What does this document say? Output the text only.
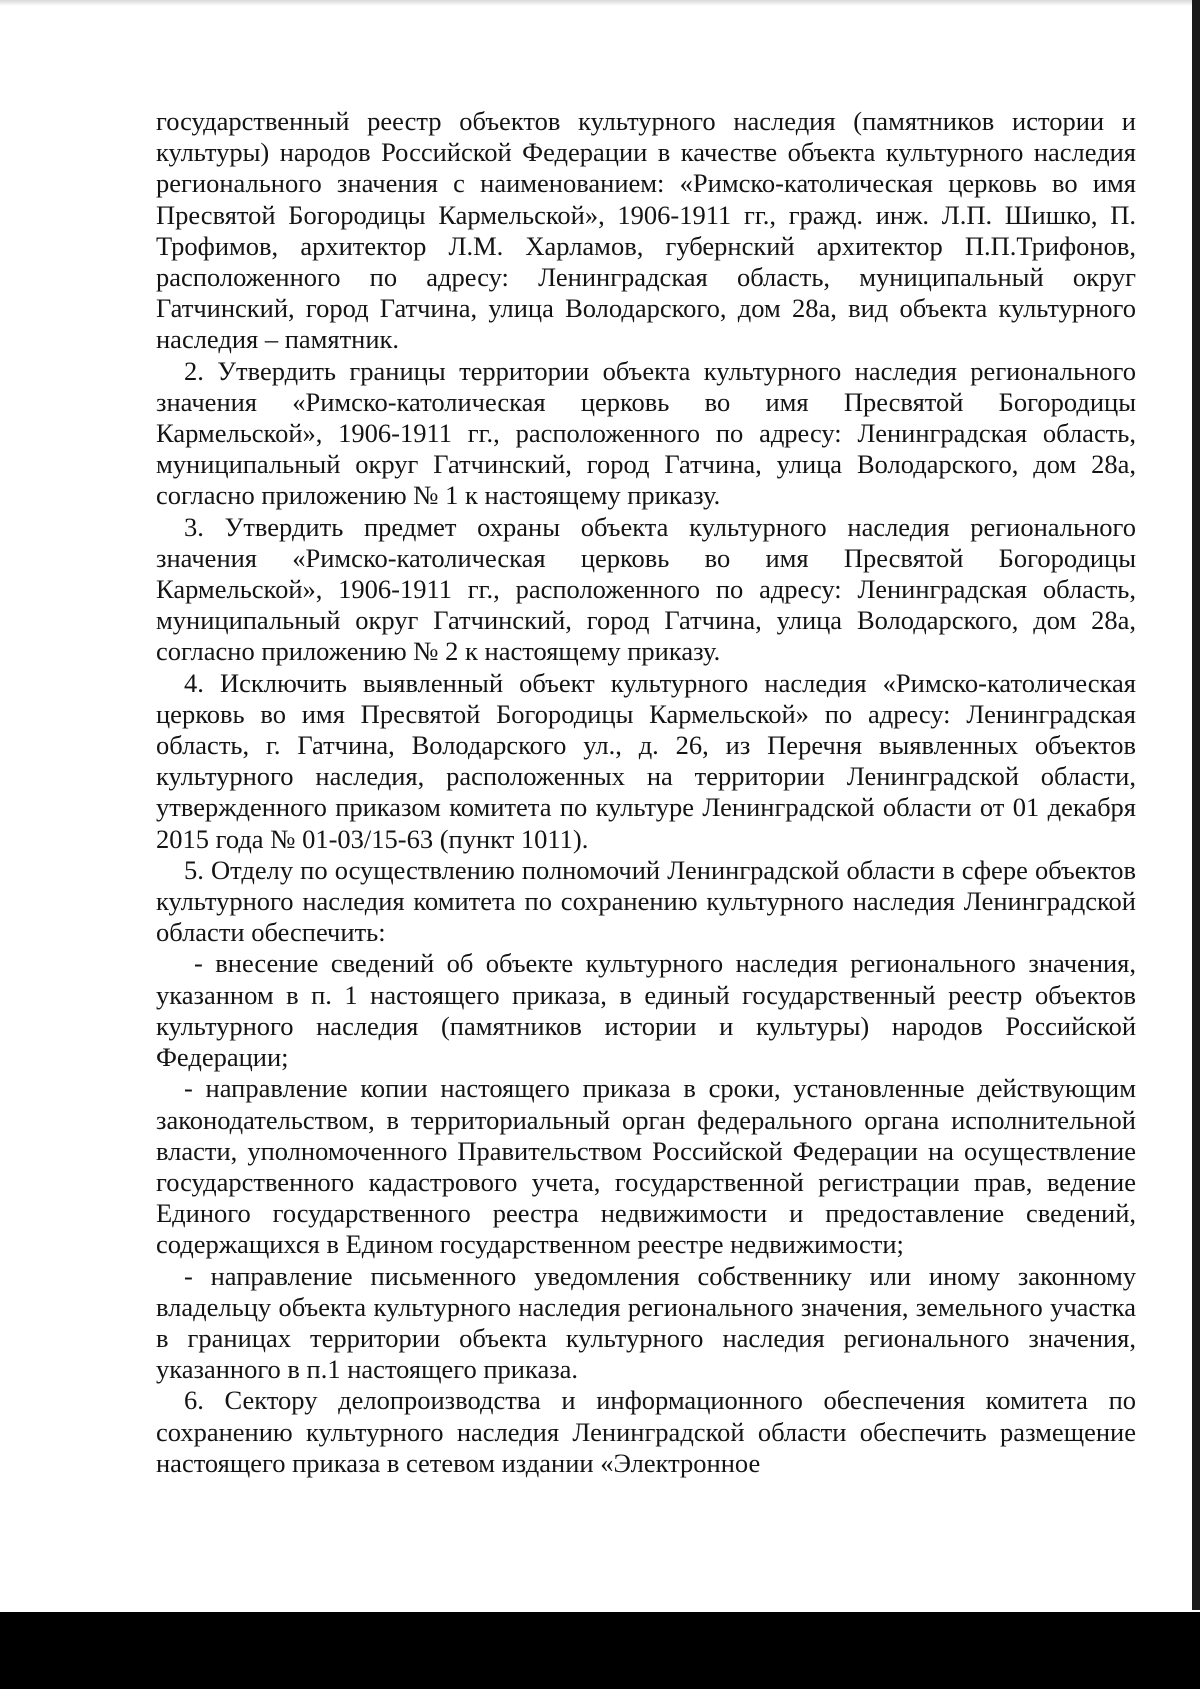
государственный реестр объектов культурного наследия (памятников истории и культуры) народов Российской Федерации в качестве объекта культурного наследия регионального значения с наименованием: «Римско-католическая церковь во имя Пресвятой Богородицы Кармельской», 1906-1911 гг., гражд. инж. Л.П. Шишко, П. Трофимов, архитектор Л.М. Харламов, губернский архитектор П.П.Трифонов, расположенного по адресу: Ленинградская область, муниципальный округ Гатчинский, город Гатчина, улица Володарского, дом 28а, вид объекта культурного наследия – памятник.

2. Утвердить границы территории объекта культурного наследия регионального значения «Римско-католическая церковь во имя Пресвятой Богородицы Кармельской», 1906-1911 гг., расположенного по адресу: Ленинградская область, муниципальный округ Гатчинский, город Гатчина, улица Володарского, дом 28а, согласно приложению № 1 к настоящему приказу.

3. Утвердить предмет охраны объекта культурного наследия регионального значения «Римско-католическая церковь во имя Пресвятой Богородицы Кармельской», 1906-1911 гг., расположенного по адресу: Ленинградская область, муниципальный округ Гатчинский, город Гатчина, улица Володарского, дом 28а, согласно приложению № 2 к настоящему приказу.

4. Исключить выявленный объект культурного наследия «Римско-католическая церковь во имя Пресвятой Богородицы Кармельской» по адресу: Ленинградская область, г. Гатчина, Володарского ул., д. 26, из Перечня выявленных объектов культурного наследия, расположенных на территории Ленинградской области, утвержденного приказом комитета по культуре Ленинградской области от 01 декабря 2015 года № 01-03/15-63 (пункт 1011).

5. Отделу по осуществлению полномочий Ленинградской области в сфере объектов культурного наследия комитета по сохранению культурного наследия Ленинградской области обеспечить:

- внесение сведений об объекте культурного наследия регионального значения, указанном в п. 1 настоящего приказа, в единый государственный реестр объектов культурного наследия (памятников истории и культуры) народов Российской Федерации;

- направление копии настоящего приказа в сроки, установленные действующим законодательством, в территориальный орган федерального органа исполнительной власти, уполномоченного Правительством Российской Федерации на осуществление государственного кадастрового учета, государственной регистрации прав, ведение Единого государственного реестра недвижимости и предоставление сведений, содержащихся в Едином государственном реестре недвижимости;

- направление письменного уведомления собственнику или иному законному владельцу объекта культурного наследия регионального значения, земельного участка в границах территории объекта культурного наследия регионального значения, указанного в п.1 настоящего приказа.

6. Сектору делопроизводства и информационного обеспечения комитета по сохранению культурного наследия Ленинградской области обеспечить размещение настоящего приказа в сетевом издании «Электронное
